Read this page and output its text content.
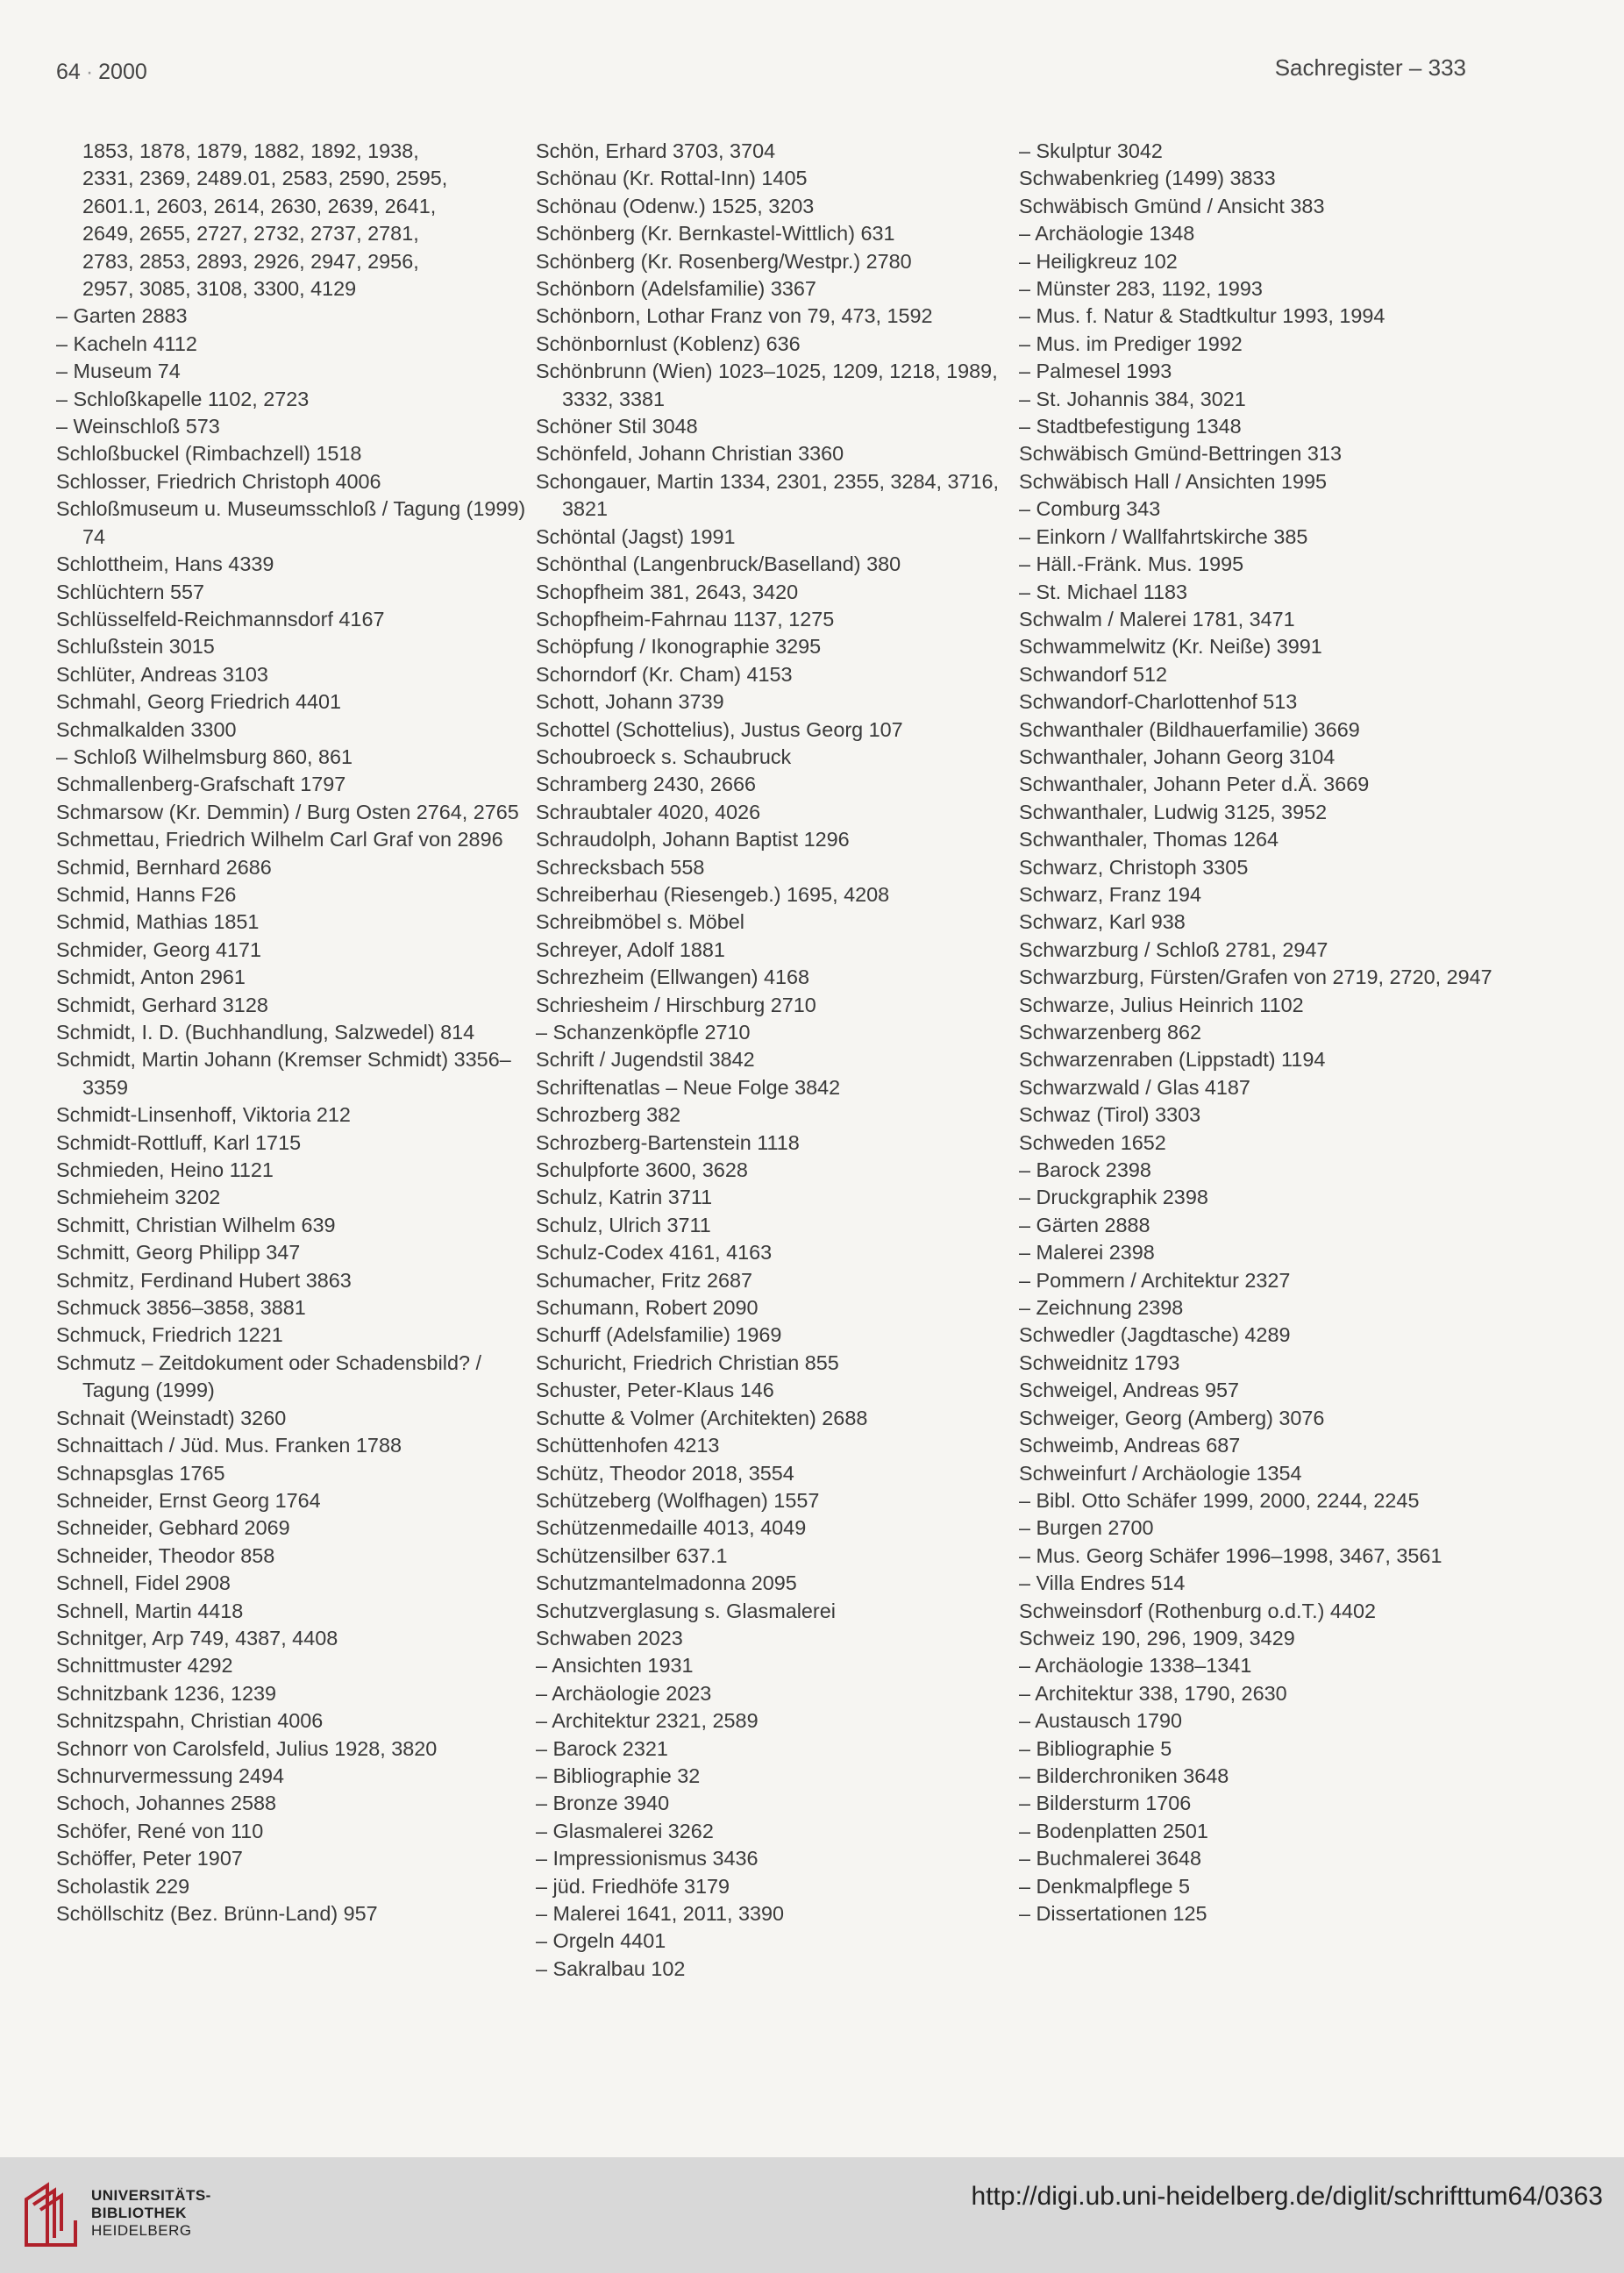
64 · 2000	Sachregister – 333

1853, 1878, 1879, 1882, 1892, 1938,

2331, 2369, 2489.01, 2583, 2590, 2595,

2601.1, 2603, 2614, 2630, 2639, 2641,

2649, 2655, 2727, 2732, 2737, 2781,

2783, 2853, 2893, 2926, 2947, 2956,

2957, 3085, 3108, 3300, 4129

– Garten 2883

– Kacheln 4112

– Museum 74

– Schloßkapelle 1102, 2723

– Weinschloß 573

Schloßbuckel (Rimbachzell) 1518

Schlosser, Friedrich Christoph 4006

Schloßmuseum u. Museumsschloß / Tagung (1999) 74

Schlottheim, Hans 4339

Schlüchtern 557

Schlüsselfeld-Reichmannsdorf 4167

Schlußstein 3015

Schlüter, Andreas 3103

Schmahl, Georg Friedrich 4401

Schmalkalden 3300

– Schloß Wilhelmsburg 860, 861

Schmallenberg-Grafschaft 1797

Schmarsow (Kr. Demmin) / Burg Osten 2764, 2765

Schmettau, Friedrich Wilhelm Carl Graf von 2896

Schmid, Bernhard 2686

Schmid, Hanns F26

Schmid, Mathias 1851

Schmider, Georg 4171

Schmidt, Anton 2961

Schmidt, Gerhard 3128

Schmidt, I. D. (Buchhandlung, Salzwedel) 814

Schmidt, Martin Johann (Kremser Schmidt) 3356–3359

Schmidt-Linsenhoff, Viktoria 212

Schmidt-Rottluff, Karl 1715

Schmieden, Heino 1121

Schmieheim 3202

Schmitt, Christian Wilhelm 639

Schmitt, Georg Philipp 347

Schmitz, Ferdinand Hubert 3863

Schmuck 3856–3858, 3881

Schmuck, Friedrich 1221

Schmutz – Zeitdokument oder Schadensbild? / Tagung (1999)

Schnait (Weinstadt) 3260

Schnaittach / Jüd. Mus. Franken 1788

Schnapsglas 1765

Schneider, Ernst Georg 1764

Schneider, Gebhard 2069

Schneider, Theodor 858

Schnell, Fidel 2908

Schnell, Martin 4418

Schnitger, Arp 749, 4387, 4408

Schnittmuster 4292

Schnitzbank 1236, 1239

Schnitzspahn, Christian 4006

Schnorr von Carolsfeld, Julius 1928, 3820

Schnurvermessung 2494

Schoch, Johannes 2588

Schöfer, René von 110

Schöffer, Peter 1907

Scholastik 229

Schöllschitz (Bez. Brünn-Land) 957

Schön, Erhard 3703, 3704

Schönau (Kr. Rottal-Inn) 1405

Schönau (Odenw.) 1525, 3203

Schönberg (Kr. Bernkastel-Wittlich) 631

Schönberg (Kr. Rosenberg/Westpr.) 2780

Schönborn (Adelsfamilie) 3367

Schönborn, Lothar Franz von 79, 473, 1592

Schönbornlust (Koblenz) 636

Schönbrunn (Wien) 1023–1025, 1209, 1218, 1989, 3332, 3381

Schöner Stil 3048

Schönfeld, Johann Christian 3360

Schongauer, Martin 1334, 2301, 2355, 3284, 3716, 3821

Schöntal (Jagst) 1991

Schönthal (Langenbruck/Baselland) 380

Schopfheim 381, 2643, 3420

Schopfheim-Fahrnau 1137, 1275

Schöpfung / Ikonographie 3295

Schorndorf (Kr. Cham) 4153

Schott, Johann 3739

Schottel (Schottelius), Justus Georg 107

Schoubroeck s. Schaubruck

Schramberg 2430, 2666

Schraubtaler 4020, 4026

Schraudolph, Johann Baptist 1296

Schrecksbach 558

Schreiberhau (Riesengeb.) 1695, 4208

Schreibmöbel s. Möbel

Schreyer, Adolf 1881

Schrezheim (Ellwangen) 4168

Schriesheim / Hirschburg 2710

– Schanzenköpfle 2710

Schrift / Jugendstil 3842

Schriftenatlas – Neue Folge 3842

Schrozberg 382

Schrozberg-Bartenstein 1118

Schulpforte 3600, 3628

Schulz, Katrin 3711

Schulz, Ulrich 3711

Schulz-Codex 4161, 4163

Schumacher, Fritz 2687

Schumann, Robert 2090

Schurff (Adelsfamilie) 1969

Schuricht, Friedrich Christian 855

Schuster, Peter-Klaus 146

Schutte & Volmer (Architekten) 2688

Schüttenhofen 4213

Schütz, Theodor 2018, 3554

Schützeberg (Wolfhagen) 1557

Schützenmedaille 4013, 4049

Schützensilber 637.1

Schutzmantelmadonna 2095

Schutzverglasung s. Glasmalerei

Schwaben 2023

– Ansichten 1931

– Archäologie 2023

– Architektur 2321, 2589

– Barock 2321

– Bibliographie 32

– Bronze 3940

– Glasmalerei 3262

– Impressionismus 3436

– jüd. Friedhöfe 3179

– Malerei 1641, 2011, 3390

– Orgeln 4401

– Sakralbau 102

– Skulptur 3042

Schwabenkrieg (1499) 3833

Schwäbisch Gmünd / Ansicht 383

– Archäologie 1348

– Heiligkreuz 102

– Münster 283, 1192, 1993

– Mus. f. Natur & Stadtkultur 1993, 1994

– Mus. im Prediger 1992

– Palmesel 1993

– St. Johannis 384, 3021

– Stadtbefestigung 1348

Schwäbisch Gmünd-Bettringen 313

Schwäbisch Hall / Ansichten 1995

– Comburg 343

– Einkorn / Wallfahrtskirche 385

– Häll.-Fränk. Mus. 1995

– St. Michael 1183

Schwalm / Malerei 1781, 3471

Schwammelwitz (Kr. Neiße) 3991

Schwandorf 512

Schwandorf-Charlottenhof 513

Schwanthaler (Bildhauerfamilie) 3669

Schwanthaler, Johann Georg 3104

Schwanthaler, Johann Peter d.Ä. 3669

Schwanthaler, Ludwig 3125, 3952

Schwanthaler, Thomas 1264

Schwarz, Christoph 3305

Schwarz, Franz 194

Schwarz, Karl 938

Schwarzburg / Schloß 2781, 2947

Schwarzburg, Fürsten/Grafen von 2719, 2720, 2947

Schwarze, Julius Heinrich 1102

Schwarzenberg 862

Schwarzenraben (Lippstadt) 1194

Schwarzwald / Glas 4187

Schwaz (Tirol) 3303

Schweden 1652

– Barock 2398

– Druckgraphik 2398

– Gärten 2888

– Malerei 2398

– Pommern / Architektur 2327

– Zeichnung 2398

Schwedler (Jagdtasche) 4289

Schweidnitz 1793

Schweigel, Andreas 957

Schweiger, Georg (Amberg) 3076

Schweimb, Andreas 687

Schweinfurt / Archäologie 1354

– Bibl. Otto Schäfer 1999, 2000, 2244, 2245

– Burgen 2700

– Mus. Georg Schäfer 1996–1998, 3467, 3561

– Villa Endres 514

Schweinsdorf (Rothenburg o.d.T.) 4402

Schweiz 190, 296, 1909, 3429

– Archäologie 1338–1341

– Architektur 338, 1790, 2630

– Austausch 1790

– Bibliographie 5

– Bilderchroniken 3648

– Bildersturm 1706

– Bodenplatten 2501

– Buchmalerei 3648

– Denkmalpflege 5

– Dissertationen 125

UNIVERSITÄTS-
BIBLIOTHEK
HEIDELBERG
http://digi.ub.uni-heidelberg.de/diglit/schrifttum64/0363
